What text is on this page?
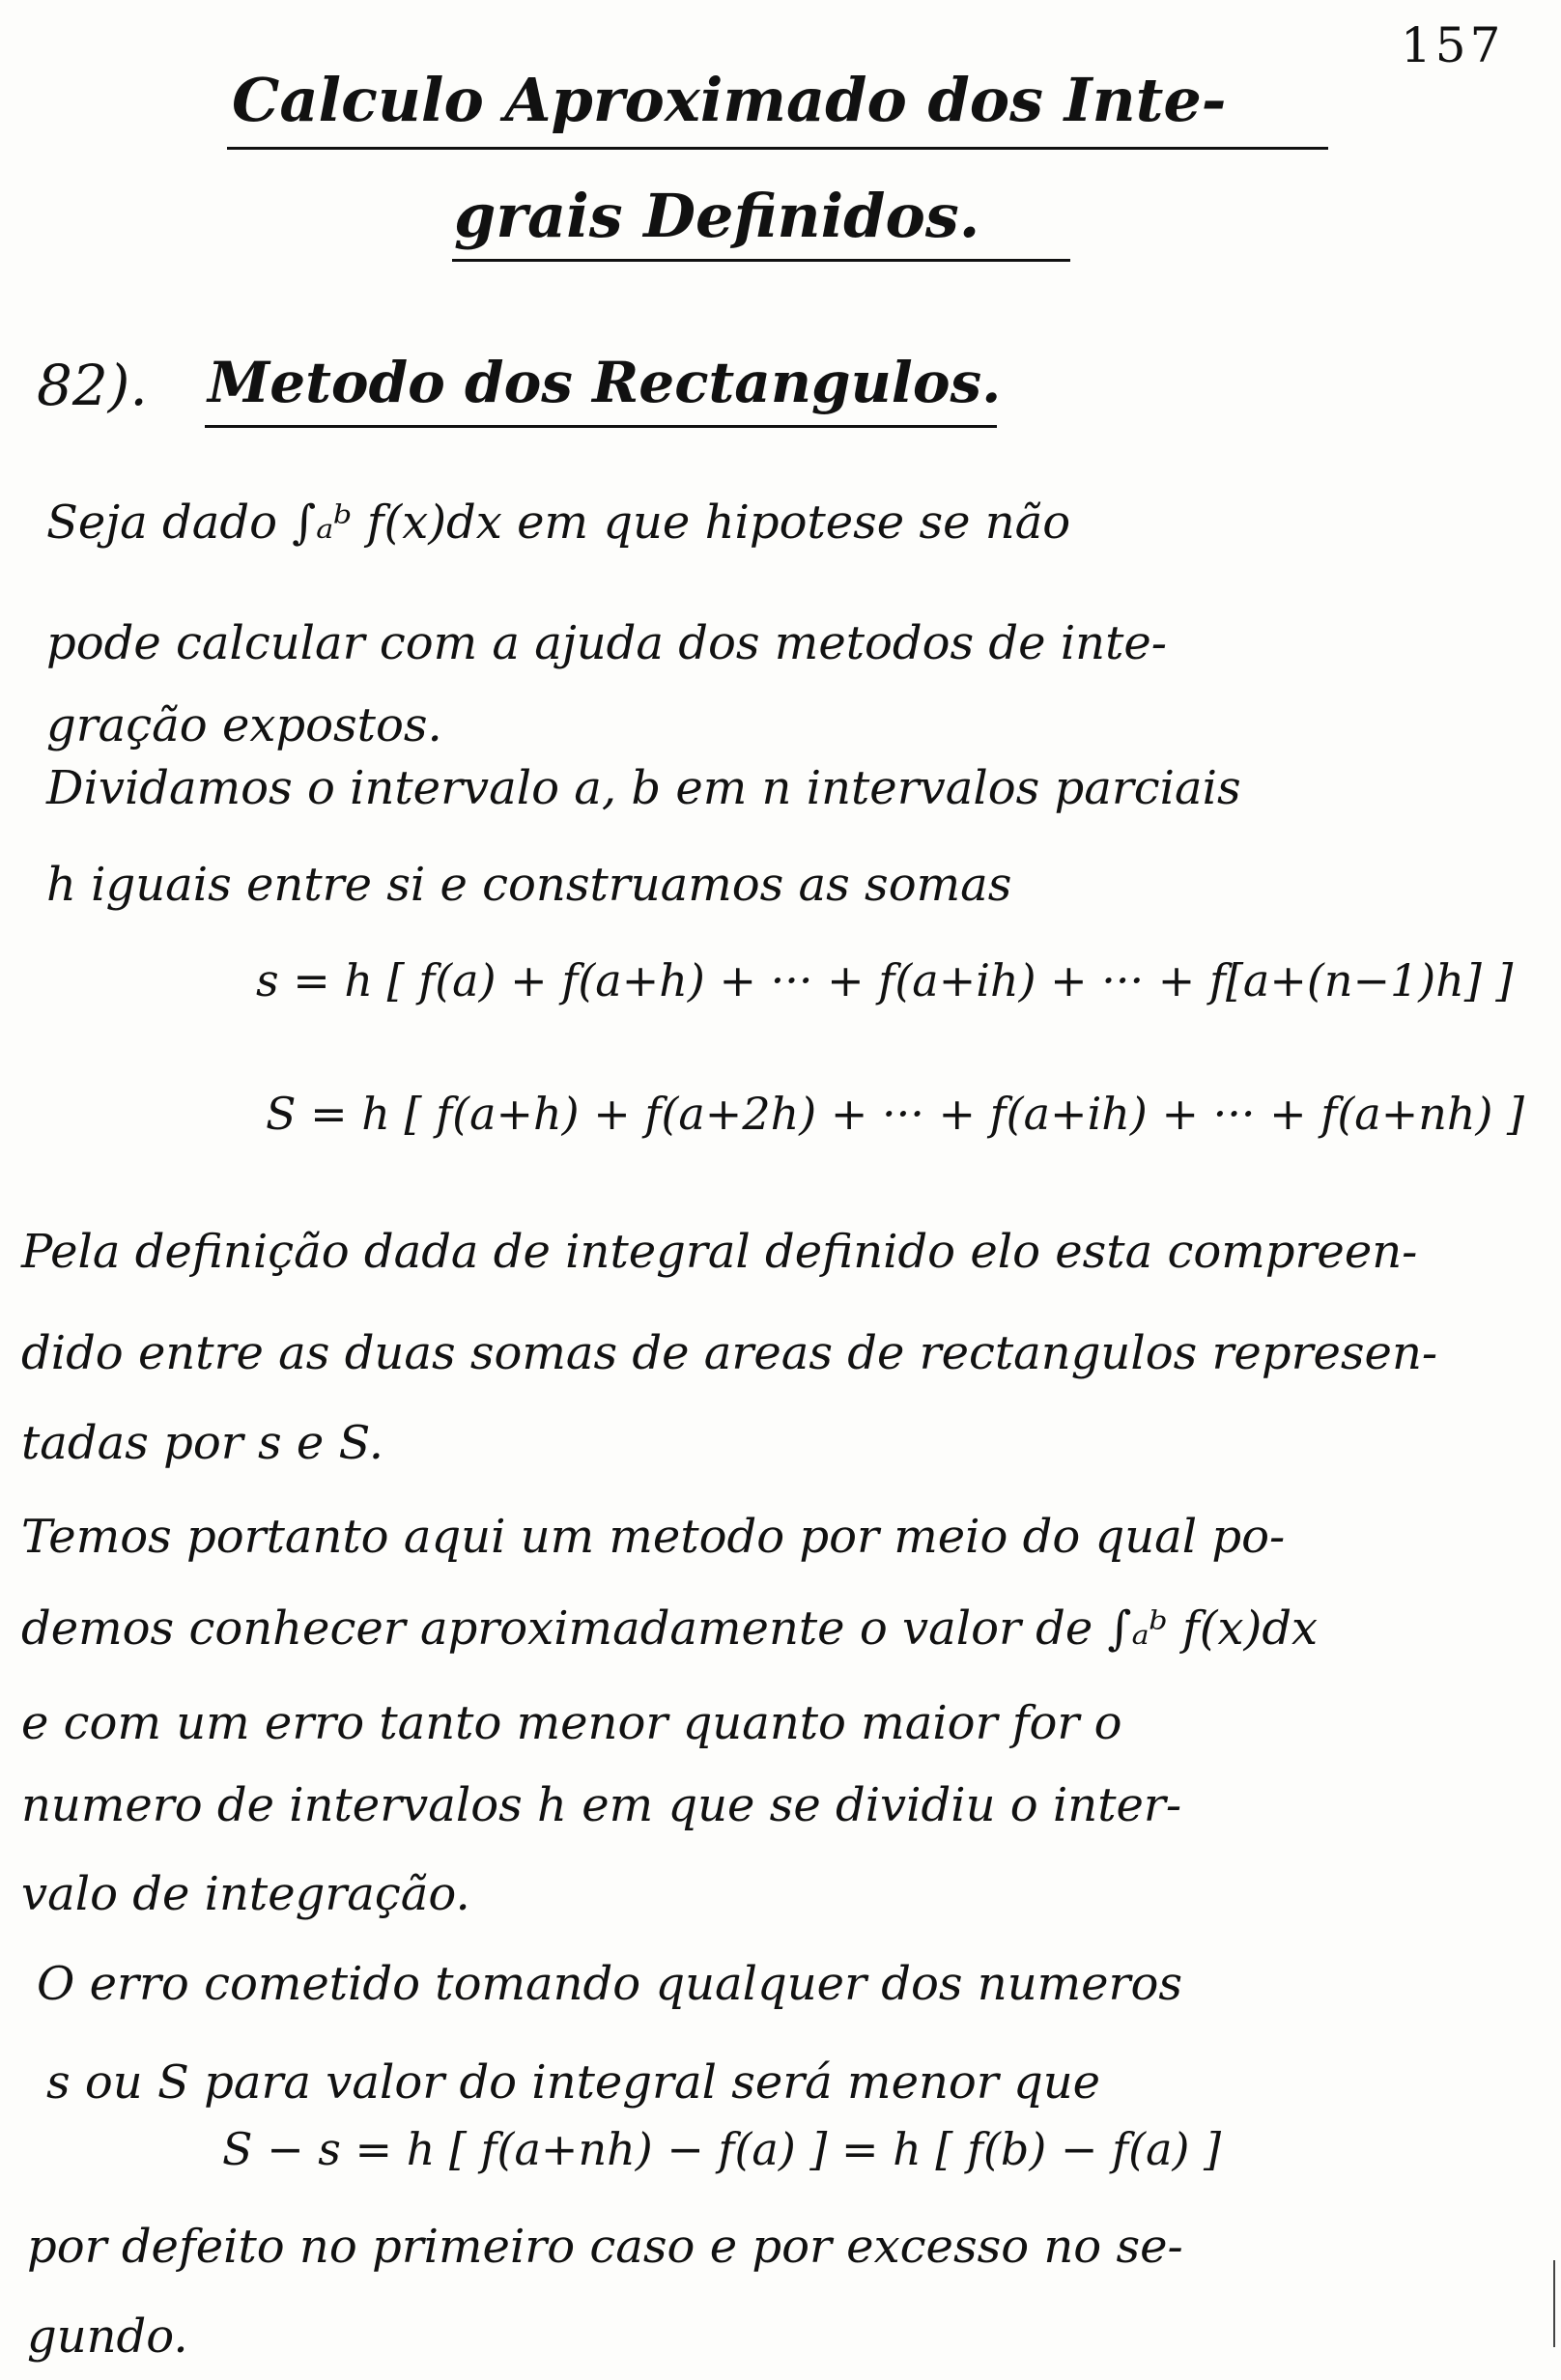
157
Calculo Aproximado dos Inte-
grais Definidos.
82). Metodo dos Rectangulos.
Seja dado ∫ₐᵇ f(x)dx em que hipotese se não
pode calcular com a ajuda dos metodos de inte-
gração expostos.
Dividamos o intervalo a, b em n intervalos parciais
h iguais entre si e construamos as somas
s = h [ f(a) + f(a+h) + ··· + f(a+ih) + ··· + f[a+(n−1)h] ]
S = h [ f(a+h) + f(a+2h) + ··· + f(a+ih) + ··· + f(a+nh) ]
Pela definição dada de integral definido elo esta compreen-
dido entre as duas somas de areas de rectangulos represen-
tadas por s e S.
Temos portanto aqui um metodo por meio do qual po-
demos conhecer aproximadamente o valor de ∫ₐᵇ f(x)dx
e com um erro tanto menor quanto maior for o
numero de intervalos h em que se dividiu o inter-
valo de integração.
O erro cometido tomando qualquer dos numeros
s ou S para valor do integral será menor que
S − s = h [ f(a+nh) − f(a) ] = h [ f(b) − f(a) ]
por defeito no primeiro caso e por excesso no se-
gundo.
